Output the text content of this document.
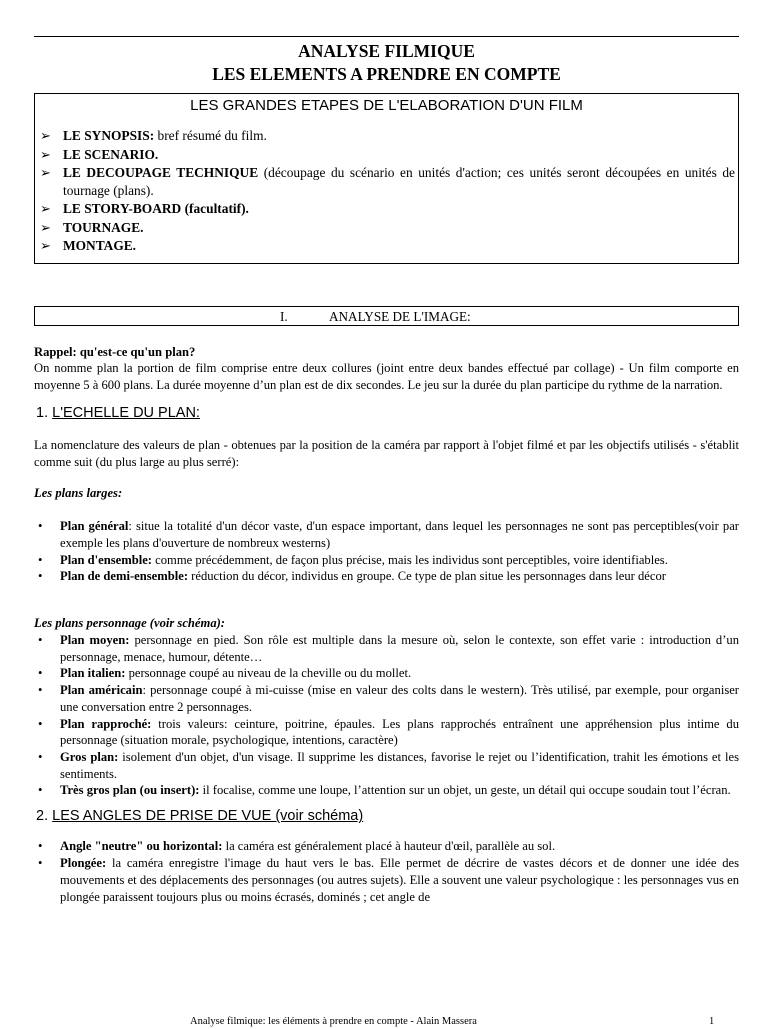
ANALYSE FILMIQUE
LES ELEMENTS A PRENDRE EN COMPTE
LES GRANDES ETAPES DE L'ELABORATION D'UN FILM
➢ LE SYNOPSIS: bref résumé du film.
➢ LE SCENARIO.
➢ LE DECOUPAGE TECHNIQUE (découpage du scénario en unités d'action; ces unités seront découpées en unités de tournage (plans).
➢ LE STORY-BOARD (facultatif).
➢ TOURNAGE.
➢ MONTAGE.
I.	ANALYSE DE L'IMAGE:
Rappel: qu'est-ce qu'un plan?
On nomme plan la portion de film comprise entre deux collures (joint entre deux bandes effectué par collage) - Un film comporte en moyenne 5 à 600 plans. La durée moyenne d’un plan est de dix secondes. Le jeu sur la durée du plan participe du rythme de la narration.
1. L'ECHELLE DU PLAN:
La nomenclature des valeurs de plan - obtenues par la position de la caméra par rapport à l'objet filmé et par les objectifs utilisés - s'établit comme suit (du plus large au plus serré):
Les plans larges:
• Plan général: situe la totalité d'un décor vaste, d'un espace important, dans lequel les personnages ne sont pas perceptibles(voir par exemple les plans d'ouverture de nombreux westerns)
• Plan d'ensemble: comme précédemment, de façon plus précise, mais les individus sont perceptibles, voire identifiables.
• Plan de demi-ensemble: réduction du décor, individus en groupe. Ce type de plan situe les personnages dans leur décor
Les plans personnage (voir schéma):
• Plan moyen: personnage en pied. Son rôle est multiple dans la mesure où, selon le contexte, son effet varie : introduction d’un personnage, menace, humour, détente…
• Plan italien: personnage coupé au niveau de la cheville ou du mollet.
• Plan américain: personnage coupé à mi-cuisse (mise en valeur des colts dans le western). Très utilisé, par exemple, pour organiser une conversation entre 2 personnages.
• Plan rapproché: trois valeurs: ceinture, poitrine, épaules. Les plans rapprochés entraînent une appréhension plus intime du personnage (situation morale, psychologique, intentions, caractère)
• Gros plan: isolement d'un objet, d'un visage. Il supprime les distances, favorise le rejet ou l’identification, trahit les émotions et les sentiments.
• Très gros plan (ou insert): il focalise, comme une loupe, l’attention sur un objet, un geste, un détail qui occupe soudain tout l’écran.
2. LES ANGLES DE PRISE DE VUE (voir schéma)
• Angle "neutre" ou horizontal: la caméra est généralement placé à hauteur d'œil, parallèle au sol.
• Plongée: la caméra enregistre l'image du haut vers le bas. Elle permet de décrire de vastes décors et de donner une idée des mouvements et des déplacements des personnages (ou autres sujets). Elle a souvent une valeur psychologique : les personnages vus en plongée paraissent toujours plus ou moins écrasés, dominés ; cet angle de
Analyse filmique: les éléments à prendre en compte - Alain Massera	1
